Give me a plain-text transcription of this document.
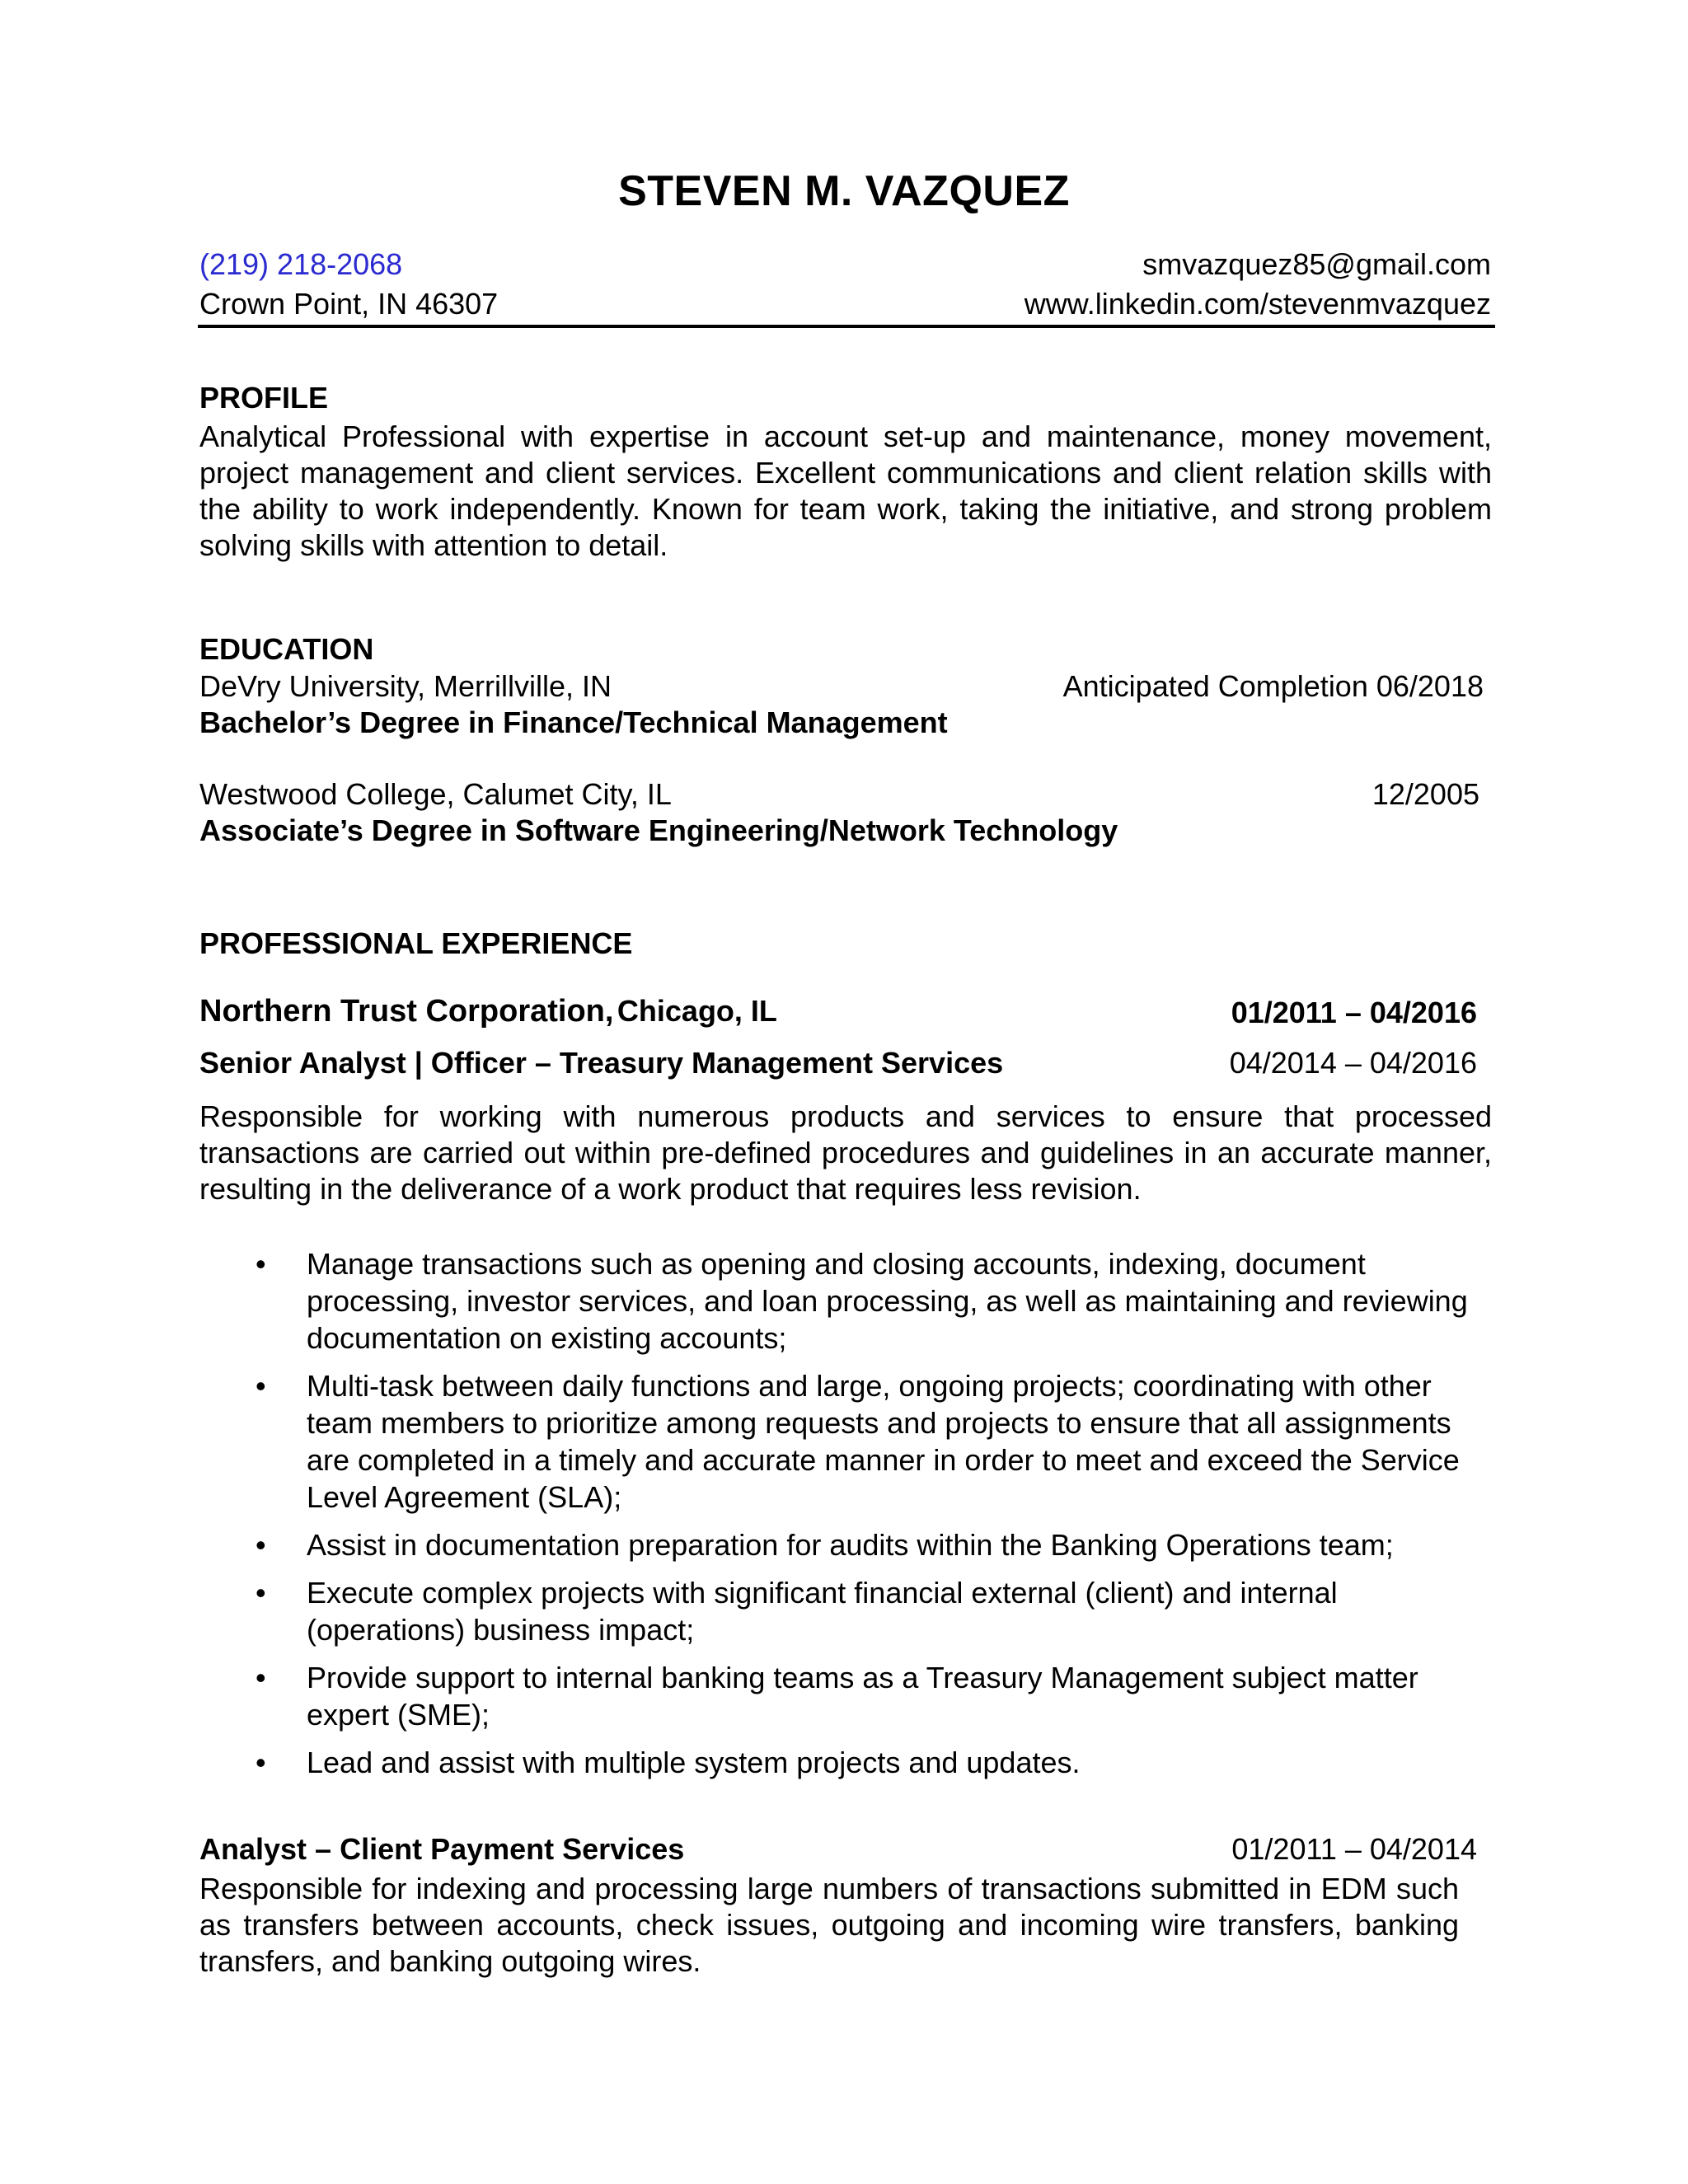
STEVEN M. VAZQUEZ
(219) 218-2068	smvazquez85@gmail.com
Crown Point, IN 46307	www.linkedin.com/stevenmvazquez
PROFILE
Analytical Professional with expertise in account set-up and maintenance, money movement, project management and client services. Excellent communications and client relation skills with the ability to work independently. Known for team work, taking the initiative, and strong problem solving skills with attention to detail.
EDUCATION
DeVry University, Merrillville, IN	Anticipated Completion 06/2018
Bachelor’s Degree in Finance/Technical Management
Westwood College, Calumet City, IL	12/2005
Associate’s Degree in Software Engineering/Network Technology
PROFESSIONAL EXPERIENCE
Northern Trust Corporation, Chicago, IL	01/2011 – 04/2016
Senior Analyst | Officer – Treasury Management Services	04/2014 – 04/2016
Responsible for working with numerous products and services to ensure that processed transactions are carried out within pre-defined procedures and guidelines in an accurate manner, resulting in the deliverance of a work product that requires less revision.
• Manage transactions such as opening and closing accounts, indexing, document processing, investor services, and loan processing, as well as maintaining and reviewing documentation on existing accounts;
• Multi-task between daily functions and large, ongoing projects; coordinating with other team members to prioritize among requests and projects to ensure that all assignments are completed in a timely and accurate manner in order to meet and exceed the Service Level Agreement (SLA);
• Assist in documentation preparation for audits within the Banking Operations team;
• Execute complex projects with significant financial external (client) and internal (operations) business impact;
• Provide support to internal banking teams as a Treasury Management subject matter expert (SME);
• Lead and assist with multiple system projects and updates.
Analyst – Client Payment Services	01/2011 – 04/2014
Responsible for indexing and processing large numbers of transactions submitted in EDM such as transfers between accounts, check issues, outgoing and incoming wire transfers, banking transfers, and banking outgoing wires.
